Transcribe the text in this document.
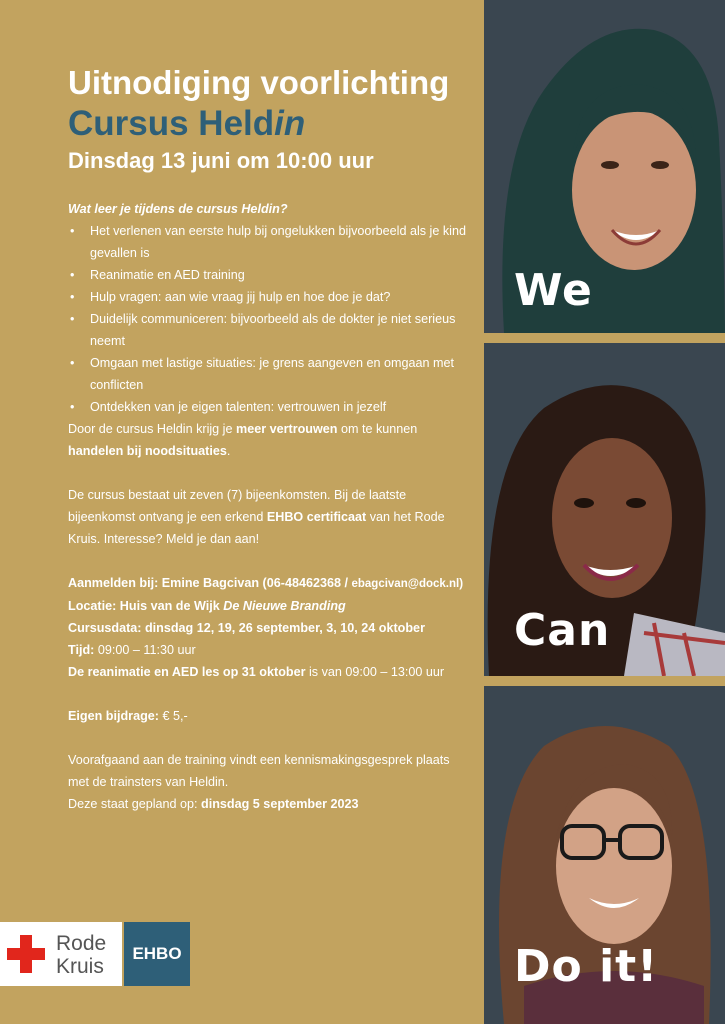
Uitnodiging voorlichting
Cursus Heldin
Dinsdag 13 juni om 10:00 uur

Wat leer je tijdens de cursus Heldin?

• Het verlenen van eerste hulp bij ongelukken bijvoorbeeld als je kind gevallen is
• Reanimatie en AED training
• Hulp vragen: aan wie vraag jij hulp en hoe doe je dat?
• Duidelijk communiceren: bijvoorbeeld als de dokter je niet serieus neemt
• Omgaan met lastige situaties: je grens aangeven en omgaan met conflicten
• Ontdekken van je eigen talenten: vertrouwen in jezelf

Door de cursus Heldin krijg je meer vertrouwen om te kunnen handelen bij noodsituaties.

De cursus bestaat uit zeven (7) bijeenkomsten. Bij de laatste bijeenkomst ontvang je een erkend EHBO certificaat van het Rode Kruis. Interesse? Meld je dan aan!

Aanmelden bij: Emine Bagcivan (06-48462368 / ebagcivan@dock.nl)

Locatie: Huis van de Wijk De Nieuwe Branding

Cursusdata: dinsdag 12, 19, 26 september, 3, 10, 24 oktober

Tijd: 09:00 – 11:30 uur

De reanimatie en AED les op 31 oktober is van 09:00 – 13:00 uur

Eigen bijdrage: € 5,-

Voorafgaand aan de training vindt een kennismakingsgesprek plaats met de trainsters van Heldin.

Deze staat gepland op: dinsdag 5 september 2023

Rode
Kruis
EHBO
We
Can
Do it!
